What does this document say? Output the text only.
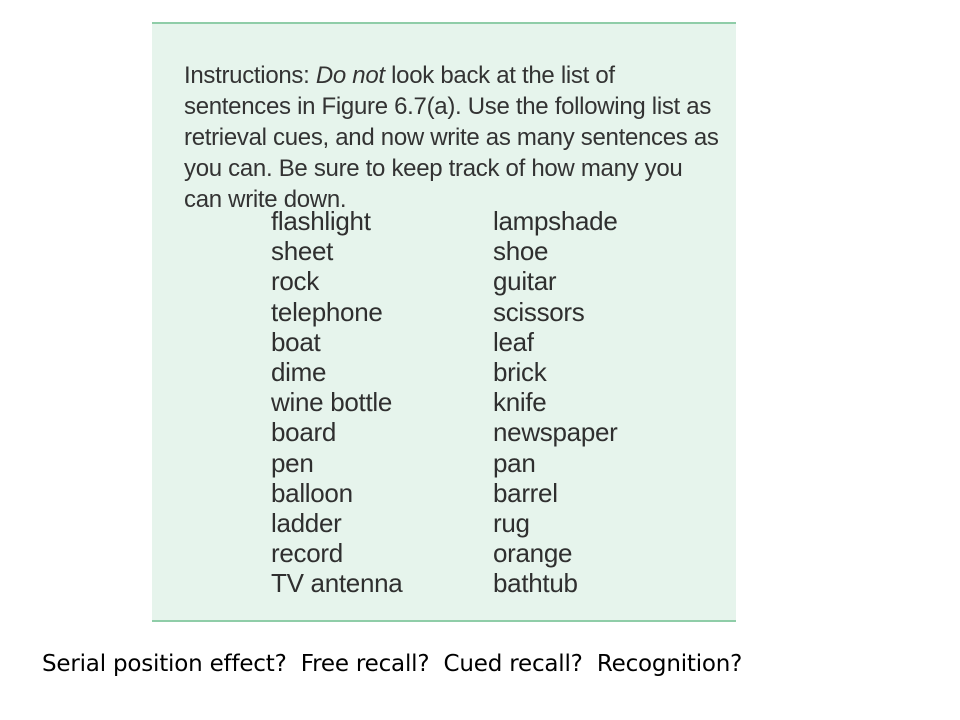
Instructions: Do not look back at the list of sentences in Figure 6.7(a). Use the following list as retrieval cues, and now write as many sentences as you can. Be sure to keep track of how many you can write down.

flashlight
sheet
rock
telephone
boat
dime
wine bottle
board
pen
balloon
ladder
record
TV antenna
lampshade
shoe
guitar
scissors
leaf
brick
knife
newspaper
pan
barrel
rug
orange
bathtub

Serial position effect?  Free recall?  Cued recall?  Recognition?
